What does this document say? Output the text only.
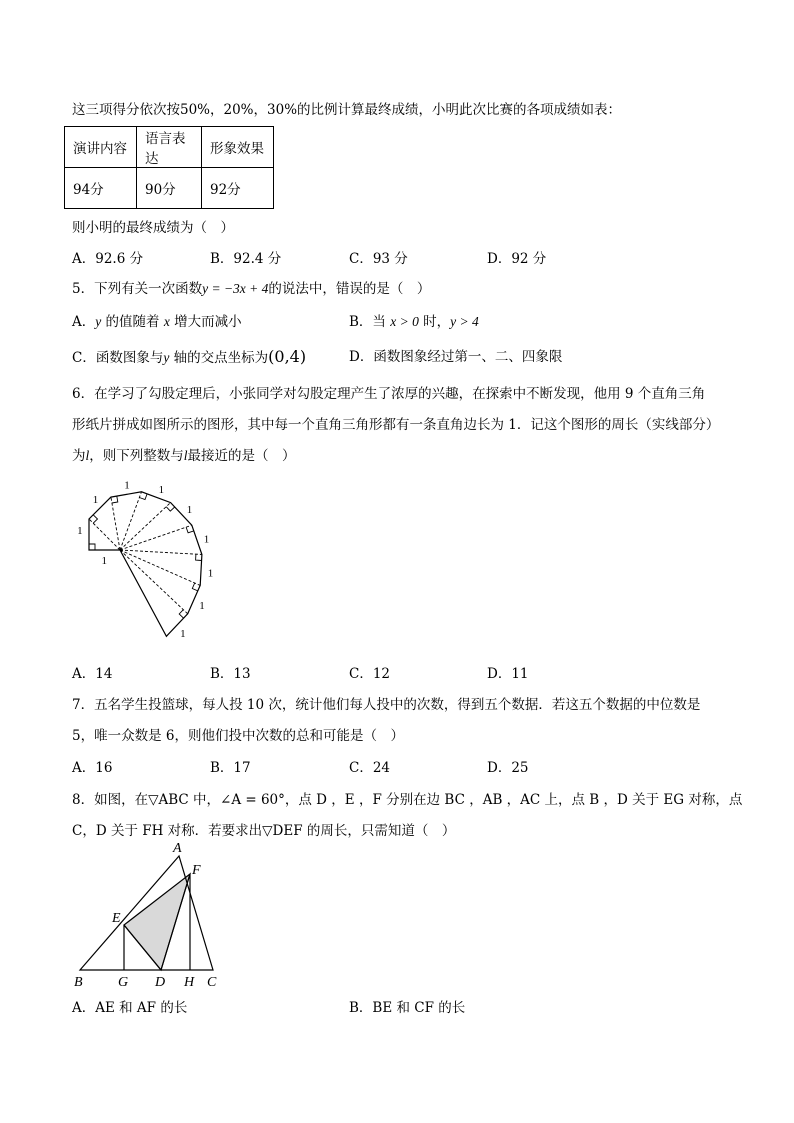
这三项得分依次按50%，20%，30%的比例计算最终成绩，小明此次比赛的各项成绩如表：
演讲内容	语言表达	形象效果
94分	90分	92分
则小明的最终成绩为（　）
A．92.6 分	B．92.4 分	C．93 分	D．92 分
5．下列有关一次函数y = −3x + 4的说法中，错误的是（　）
A．y 的值随着 x 增大而减小	B．当 x > 0 时，y > 4
C．函数图象与y 轴的交点坐标为(0,4)	D．函数图象经过第一、二、四象限
6．在学习了勾股定理后，小张同学对勾股定理产生了浓厚的兴趣，在探索中不断发现，他用 9 个直角三角
形纸片拼成如图所示的图形，其中每一个直角三角形都有一条直角边长为 1．记这个图形的周长（实线部分）
为l，则下列整数与l最接近的是（　）
1
1
1	1
1
1
1
1
1
1
A．14	B．13	C．12	D．11
7．五名学生投篮球，每人投 10 次，统计他们每人投中的次数，得到五个数据．若这五个数据的中位数是
5，唯一众数是 6，则他们投中次数的总和可能是（　）
A．16	B．17	C．24	D．25
8．如图，在▽ABC 中，∠A = 60°，点 D ，E ，F 分别在边 BC ，AB ，AC 上，点 B ，D 关于 EG 对称，点
C，D 关于 FH 对称．若要求出▽DEF 的周长，只需知道（　）
A
E
F
B	G D H C
A．AE 和 AF 的长	B．BE 和 CF 的长
